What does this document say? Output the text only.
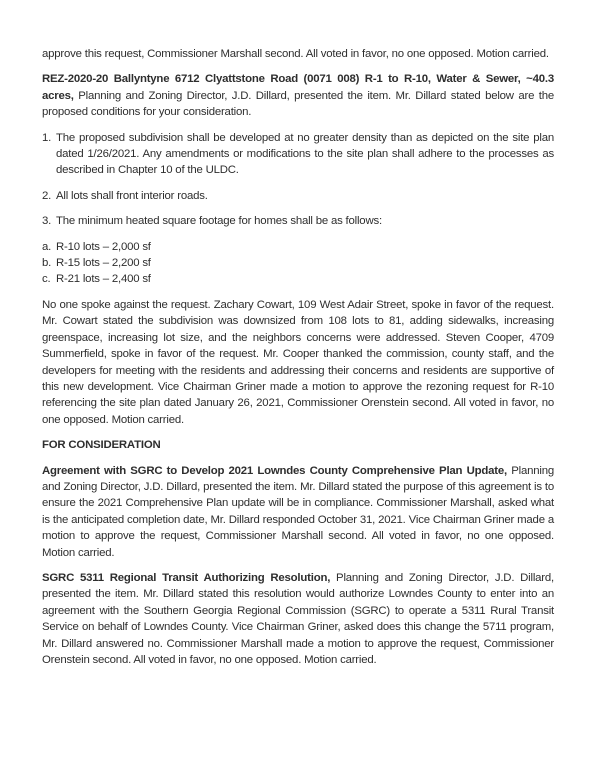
approve this request, Commissioner Marshall second. All voted in favor, no one opposed. Motion carried.

REZ-2020-20 Ballyntyne 6712 Clyattstone Road (0071 008) R-1 to R-10, Water & Sewer, ~40.3 acres, Planning and Zoning Director, J.D. Dillard, presented the item. Mr. Dillard stated below are the proposed conditions for your consideration.

1. The proposed subdivision shall be developed at no greater density than as depicted on the site plan dated 1/26/2021. Any amendments or modifications to the site plan shall adhere to the processes as described in Chapter 10 of the ULDC.
2. All lots shall front interior roads.
3. The minimum heated square footage for homes shall be as follows:
a. R-10 lots – 2,000 sf
b. R-15 lots – 2,200 sf
c. R-21 lots – 2,400 sf

No one spoke against the request. Zachary Cowart, 109 West Adair Street, spoke in favor of the request. Mr. Cowart stated the subdivision was downsized from 108 lots to 81, adding sidewalks, increasing greenspace, increasing lot size, and the neighbors concerns were addressed. Steven Cooper, 4709 Summerfield, spoke in favor of the request. Mr. Cooper thanked the commission, county staff, and the developers for meeting with the residents and addressing their concerns and residents are supportive of this new development. Vice Chairman Griner made a motion to approve the rezoning request for R-10 referencing the site plan dated January 26, 2021, Commissioner Orenstein second. All voted in favor, no one opposed. Motion carried.

FOR CONSIDERATION

Agreement with SGRC to Develop 2021 Lowndes County Comprehensive Plan Update, Planning and Zoning Director, J.D. Dillard, presented the item. Mr. Dillard stated the purpose of this agreement is to ensure the 2021 Comprehensive Plan update will be in compliance. Commissioner Marshall, asked what is the anticipated completion date, Mr. Dillard responded October 31, 2021. Vice Chairman Griner made a motion to approve the request, Commissioner Marshall second. All voted in favor, no one opposed. Motion carried.

SGRC 5311 Regional Transit Authorizing Resolution, Planning and Zoning Director, J.D. Dillard, presented the item. Mr. Dillard stated this resolution would authorize Lowndes County to enter into an agreement with the Southern Georgia Regional Commission (SGRC) to operate a 5311 Rural Transit Service on behalf of Lowndes County. Vice Chairman Griner, asked does this change the 5711 program, Mr. Dillard answered no. Commissioner Marshall made a motion to approve the request, Commissioner Orenstein second. All voted in favor, no one opposed. Motion carried.
